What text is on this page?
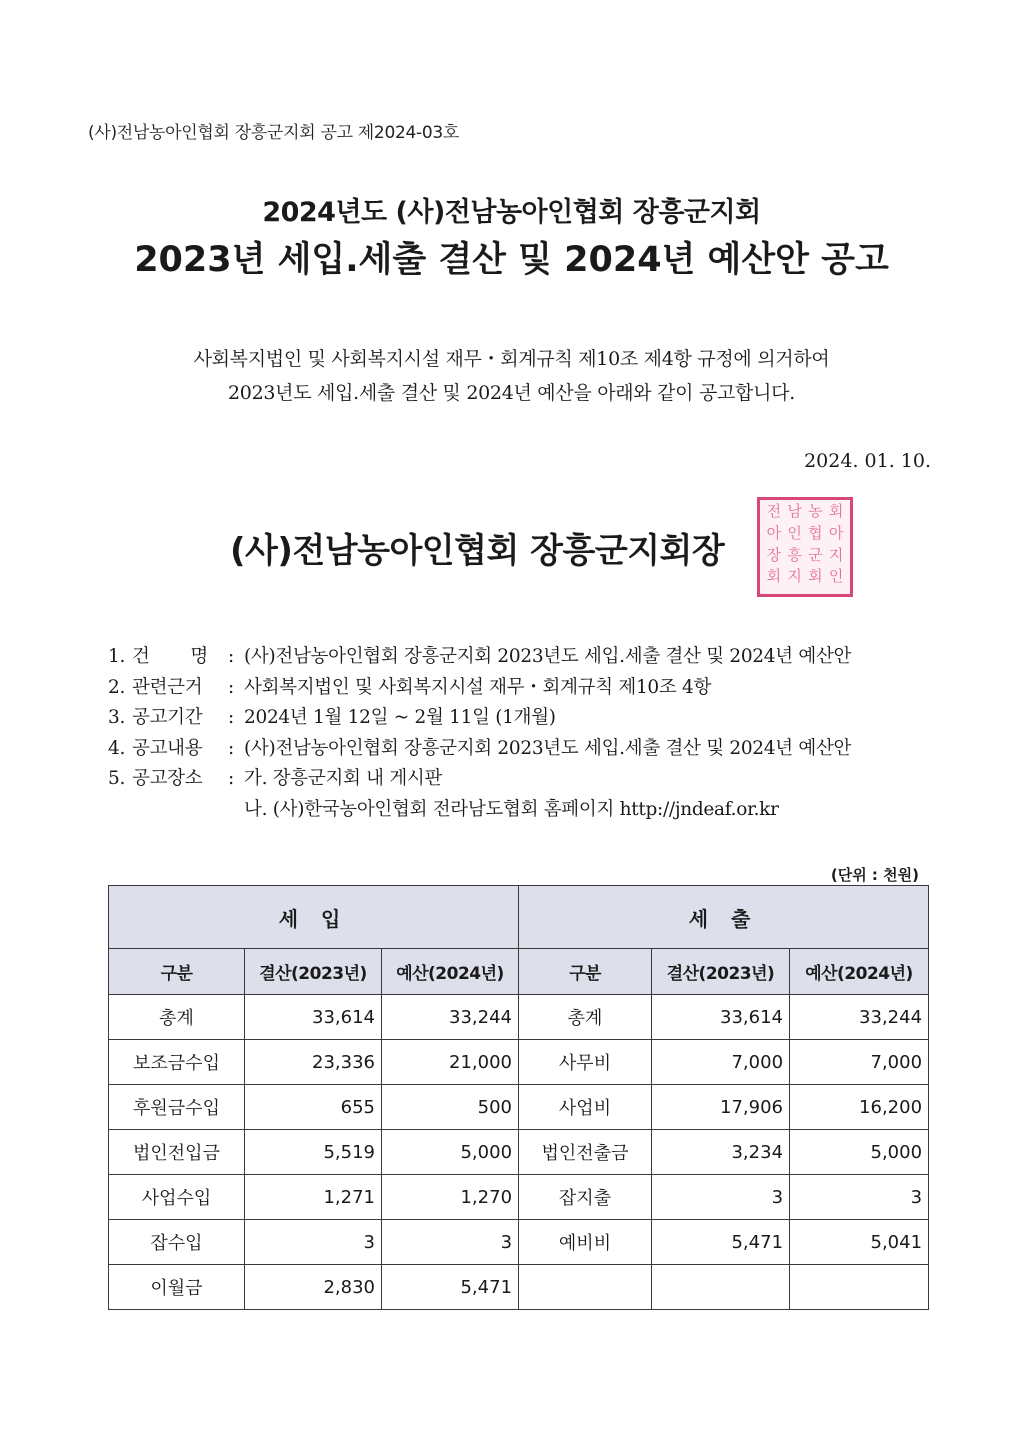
(사)전남농아인협회 장흥군지회 공고 제2024-03호
2024년도 (사)전남농아인협회 장흥군지회
2023년 세입.세출 결산 및 2024년 예산안 공고
사회복지법인 및 사회복지시설 재무・회계규칙 제10조 제4항 규정에 의거하여
2023년도 세입.세출 결산 및 2024년 예산을 아래와 같이 공고합니다.
2024. 01. 10.
전 남 농 회
아 인 협 아
장 흥 군 지
회 지 회 인
(사)전남농아인협회 장흥군지회장
1. 건 명 : (사)전남농아인협회 장흥군지회 2023년도 세입.세출 결산 및 2024년 예산안
2. 관련근거	: 사회복지법인 및 사회복지시설 재무・회계규칙 제10조 4항
3. 공고기간	: 2024년 1월 12일 ~ 2월 11일 (1개월)
4. 공고내용	: (사)전남농아인협회 장흥군지회 2023년도 세입.세출 결산 및 2024년 예산안
5. 공고장소	: 가. 장흥군지회 내 게시판
나. (사)한국농아인협회 전라남도협회 홈페이지 http://jndeaf.or.kr
(단위 : 천원)
세 입			세 출		
구분	결산(2023년)	예산(2024년)	구분	결산(2023년)	예산(2024년)
총계	33,614	33,244	총계	33,614	33,244
보조금수입	23,336	21,000	사무비	7,000	7,000
후원금수입	655	500	사업비	17,906	16,200
법인전입금	5,519	5,000	법인전출금	3,234	5,000
사업수입	1,271	1,270	잡지출	3	3
잡수입	3	3	예비비	5,471	5,041
이월금	2,830	5,471			
